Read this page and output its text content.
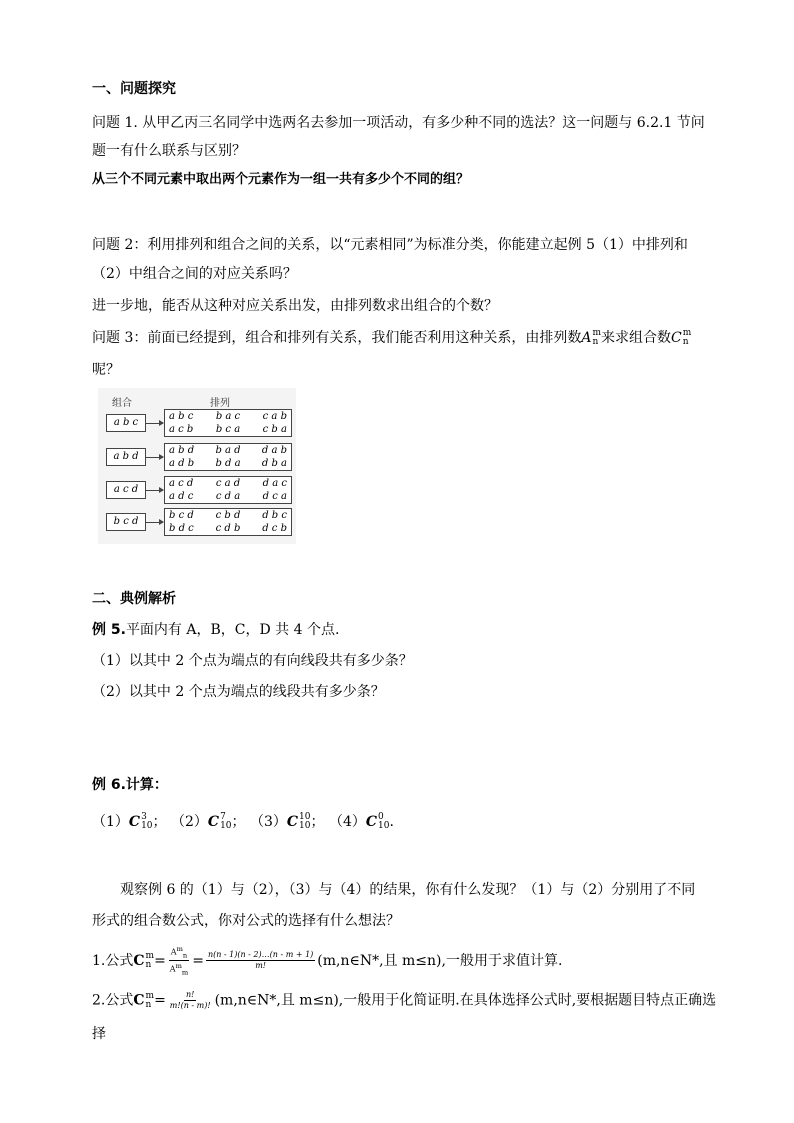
一、问题探究
问题 1. 从甲乙丙三名同学中选两名去参加一项活动，有多少种不同的选法？这一问题与 6.2.1 节问
题一有什么联系与区别？
从三个不同元素中取出两个元素作为一组一共有多少个不同的组？
问题 2：利用排列和组合之间的关系，以“元素相同”为标准分类，你能建立起例 5（1）中排列和
（2）中组合之间的对应关系吗？
进一步地，能否从这种对应关系出发，由排列数求出组合的个数？
问题 3：前面已经提到，组合和排列有关系，我们能否利用这种关系，由排列数A m
n 来求组合数C m
n
呢？
组合	排列
a b c
a b c b a c c a b
a c b b c a c b a
a b d
a b d b a d d a b
a d b b d a d b a
a c d
a c d c a d d a c
a d c c d a d c a
b c d
b c d c b d d b c
b d c c d b d c b
二、典例解析
例 5.平面内有 A，B，C，D 共 4 个点.
（1）以其中 2 个点为端点的有向线段共有多少条？
（2）以其中 2 个点为端点的线段共有多少条？
例 6.计算：
（1）C 3
10 ； （2）C 7
10 ； （3）C 10
10 ； （4）C 0
10 .
观察例 6 的（1）与（2），（3）与（4）的结果，你有什么发现？（1）与（2）分别用了不同
形式的组合数公式，你对公式的选择有什么想法？
1.公式C m
$n = \frac{A^m_n}{A^m_m} = \frac{n(n - 1)(n - 2)\dots(n - m + 1)}{m!}$ (m,n∈N*,且 m≤n),一般用于求值计算.
2.公式C m
$n = \frac{n!}{m!(n - m)!}$ (m,n∈N*,且 m≤n),一般用于化简证明.在具体选择公式时,要根据题目特点正确选
择
